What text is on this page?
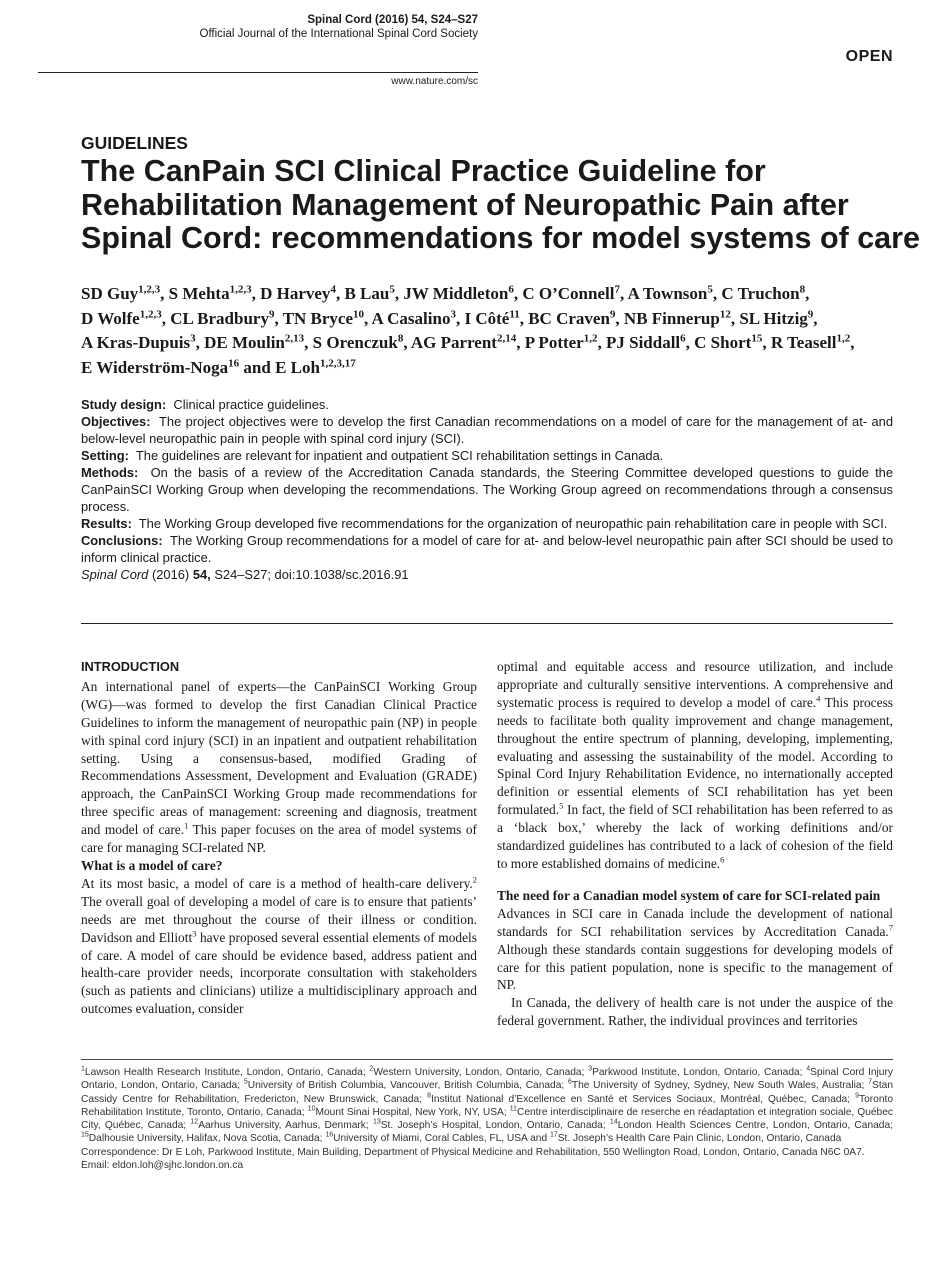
Spinal Cord (2016) 54, S24–S27
Official Journal of the International Spinal Cord Society
www.nature.com/sc
OPEN
GUIDELINES
The CanPain SCI Clinical Practice Guideline for
Rehabilitation Management of Neuropathic Pain after
Spinal Cord: recommendations for model systems of care
SD Guy$^{1,2,3}$, S Mehta$^{1,2,3}$, D Harvey$^4$, B Lau$^5$, JW Middleton$^6$, C O’Connell$^7$, A Townson$^5$, C Truchon$^8$,
D Wolfe$^{1,2,3}$, CL Bradbury$^9$, TN Bryce$^{10}$, A Casalino$^3$, I Côté$^{11}$, BC Craven$^9$, NB Finnerup$^{12}$, SL Hitzig$^9$,
A Kras-Dupuis$^3$, DE Moulin$^{2,13}$, S Orenczuk$^8$, AG Parrent$^{2,14}$, P Potter$^{1,2}$, PJ Siddall$^6$, C Short$^{15}$, R Teasell$^{1,2}$,
E Widerström-Noga$^{16}$ and E Loh$^{1,2,3,17}$

Study design: Clinical practice guidelines.

Objectives: The project objectives were to develop the first Canadian recommendations on a model of care for the management of at- and below-level neuropathic pain in people with spinal cord injury (SCI).

Setting: The guidelines are relevant for inpatient and outpatient SCI rehabilitation settings in Canada.

Methods: On the basis of a review of the Accreditation Canada standards, the Steering Committee developed questions to guide the CanPainSCI Working Group when developing the recommendations. The Working Group agreed on recommendations through a consensus process.

Results: The Working Group developed five recommendations for the organization of neuropathic pain rehabilitation care in people with SCI.

Conclusions: The Working Group recommendations for a model of care for at- and below-level neuropathic pain after SCI should be used to inform clinical practice.

Spinal Cord (2016) 54, S24–S27; doi:10.1038/sc.2016.91

INTRODUCTION

An international panel of experts—the CanPainSCI Working Group (WG)—was formed to develop the first Canadian Clinical Practice Guidelines to inform the management of neuropathic pain (NP) in people with spinal cord injury (SCI) in an inpatient and outpatient rehabilitation setting. Using a consensus-based, modified Grading of Recommendations Assessment, Development and Evaluation (GRADE) approach, the CanPainSCI Working Group made recommendations for three specific areas of management: screening and diagnosis, treatment and model of care.$^1$ This paper focuses on the area of model systems of care for managing SCI-related NP.

What is a model of care?

At its most basic, a model of care is a method of health-care delivery.$^2$ The overall goal of developing a model of care is to ensure that patients’ needs are met throughout the course of their illness or condition. Davidson and Elliott$^3$ have proposed several essential elements of models of care. A model of care should be evidence based, address patient and health-care provider needs, incorporate consultation with stakeholders (such as patients and clinicians) utilize a multidisciplinary approach and outcomes evaluation, consider

optimal and equitable access and resource utilization, and include appropriate and culturally sensitive interventions. A comprehensive and systematic process is required to develop a model of care.$^4$ This process needs to facilitate both quality improvement and change management, throughout the entire spectrum of planning, developing, implementing, evaluating and assessing the sustainability of the model. According to Spinal Cord Injury Rehabilitation Evidence, no internationally accepted definition or essential elements of SCI rehabilitation has yet been formulated.$^5$ In fact, the field of SCI rehabilitation has been referred to as a ‘black box,’ whereby the lack of working definitions and/or standardized guidelines has contributed to a lack of cohesion of the field to more established domains of medicine.$^6$

The need for a Canadian model system of care for SCI-related pain

Advances in SCI care in Canada include the development of national standards for SCI rehabilitation services by Accreditation Canada.$^7$ Although these standards contain suggestions for developing models of care for this patient population, none is specific to the management of NP.

In Canada, the delivery of health care is not under the auspice of the federal government. Rather, the individual provinces and territories

$^1$Lawson Health Research Institute, London, Ontario, Canada; $^2$Western University, London, Ontario, Canada; $^3$Parkwood Institute, London, Ontario, Canada; $^4$Spinal Cord Injury Ontario, London, Ontario, Canada; $^5$University of British Columbia, Vancouver, British Columbia, Canada; $^6$The University of Sydney, Sydney, New South Wales, Australia; $^7$Stan Cassidy Centre for Rehabilitation, Fredericton, New Brunswick, Canada; $^8$Institut National d’Excellence en Santé et Services Sociaux, Montréal, Québec, Canada; $^9$Toronto Rehabilitation Institute, Toronto, Ontario, Canada; $^{10}$Mount Sinai Hospital, New York, NY, USA; $^{11}$Centre interdisciplinaire de reserche en réadaptation et integration sociale, Québec City, Québec, Canada; $^{12}$Aarhus University, Aarhus, Denmark; $^{13}$St. Joseph’s Hospital, London, Ontario, Canada; $^{14}$London Health Sciences Centre, London, Ontario, Canada; $^{15}$Dalhousie University, Halifax, Nova Scotia, Canada; $^{16}$University of Miami, Coral Cables, FL, USA and $^{17}$St. Joseph’s Health Care Pain Clinic, London, Ontario, Canada

Correspondence: Dr E Loh, Parkwood Institute, Main Building, Department of Physical Medicine and Rehabilitation, 550 Wellington Road, London, Ontario, Canada N6C 0A7.

Email: eldon.loh@sjhc.london.on.ca
